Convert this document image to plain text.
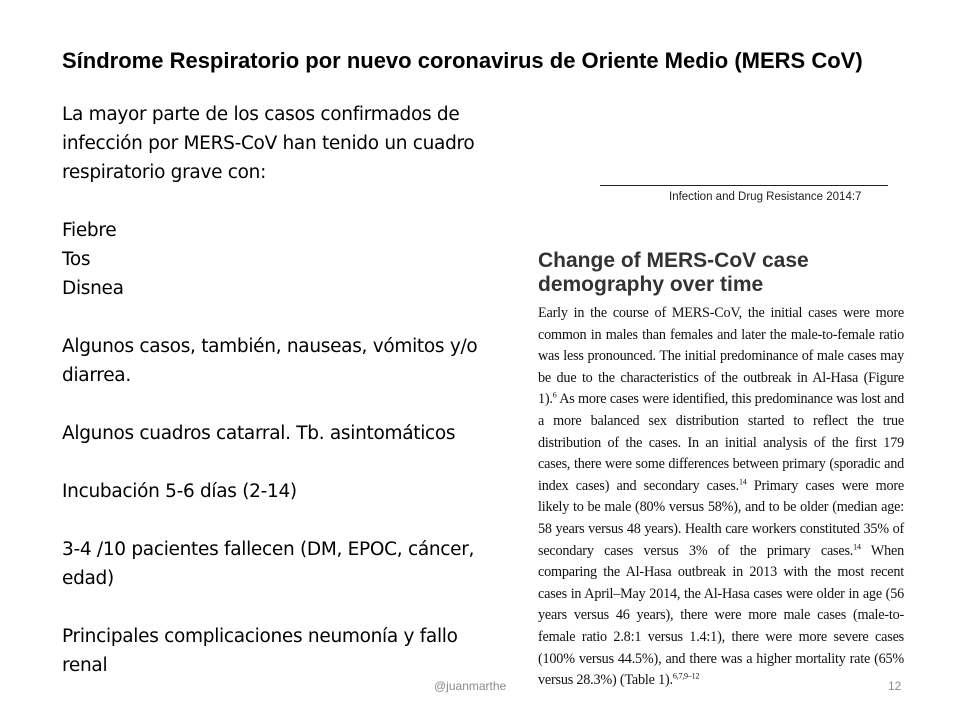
Síndrome Respiratorio por nuevo coronavirus de Oriente Medio (MERS CoV)

La mayor parte de los casos confirmados de infección por MERS-CoV han tenido un cuadro respiratorio grave con:

Fiebre
Tos
Disnea

Algunos casos, también, nauseas, vómitos y/o diarrea.

Algunos cuadros catarral. Tb. asintomáticos

Incubación 5-6 días (2-14)

3-4 /10 pacientes fallecen (DM, EPOC, cáncer, edad)

Principales complicaciones neumonía y fallo renal

Infection and Drug Resistance 2014:7
Change of MERS-CoV case demography over time

Early in the course of MERS-CoV, the initial cases were more common in males than females and later the male-to-female ratio was less pronounced. The initial predominance of male cases may be due to the characteristics of the outbreak in Al-Hasa (Figure 1).$^6$ As more cases were identified, this predominance was lost and a more balanced sex distribution started to reflect the true distribution of the cases. In an initial analysis of the first 179 cases, there were some differences between primary (sporadic and index cases) and secondary cases.$^{14}$ Primary cases were more likely to be male (80% versus 58%), and to be older (median age: 58 years versus 48 years). Health care workers constituted 35% of secondary cases versus 3% of the primary cases.$^{14}$ When comparing the Al-Hasa outbreak in 2013 with the most recent cases in April–May 2014, the Al-Hasa cases were older in age (56 years versus 46 years), there were more male cases (male-to-female ratio 2.8:1 versus 1.4:1), there were more severe cases (100% versus 44.5%), and there was a higher mortality rate (65% versus 28.3%) (Table 1).$^{6,7,9-12}$

@juanmarthe	12
